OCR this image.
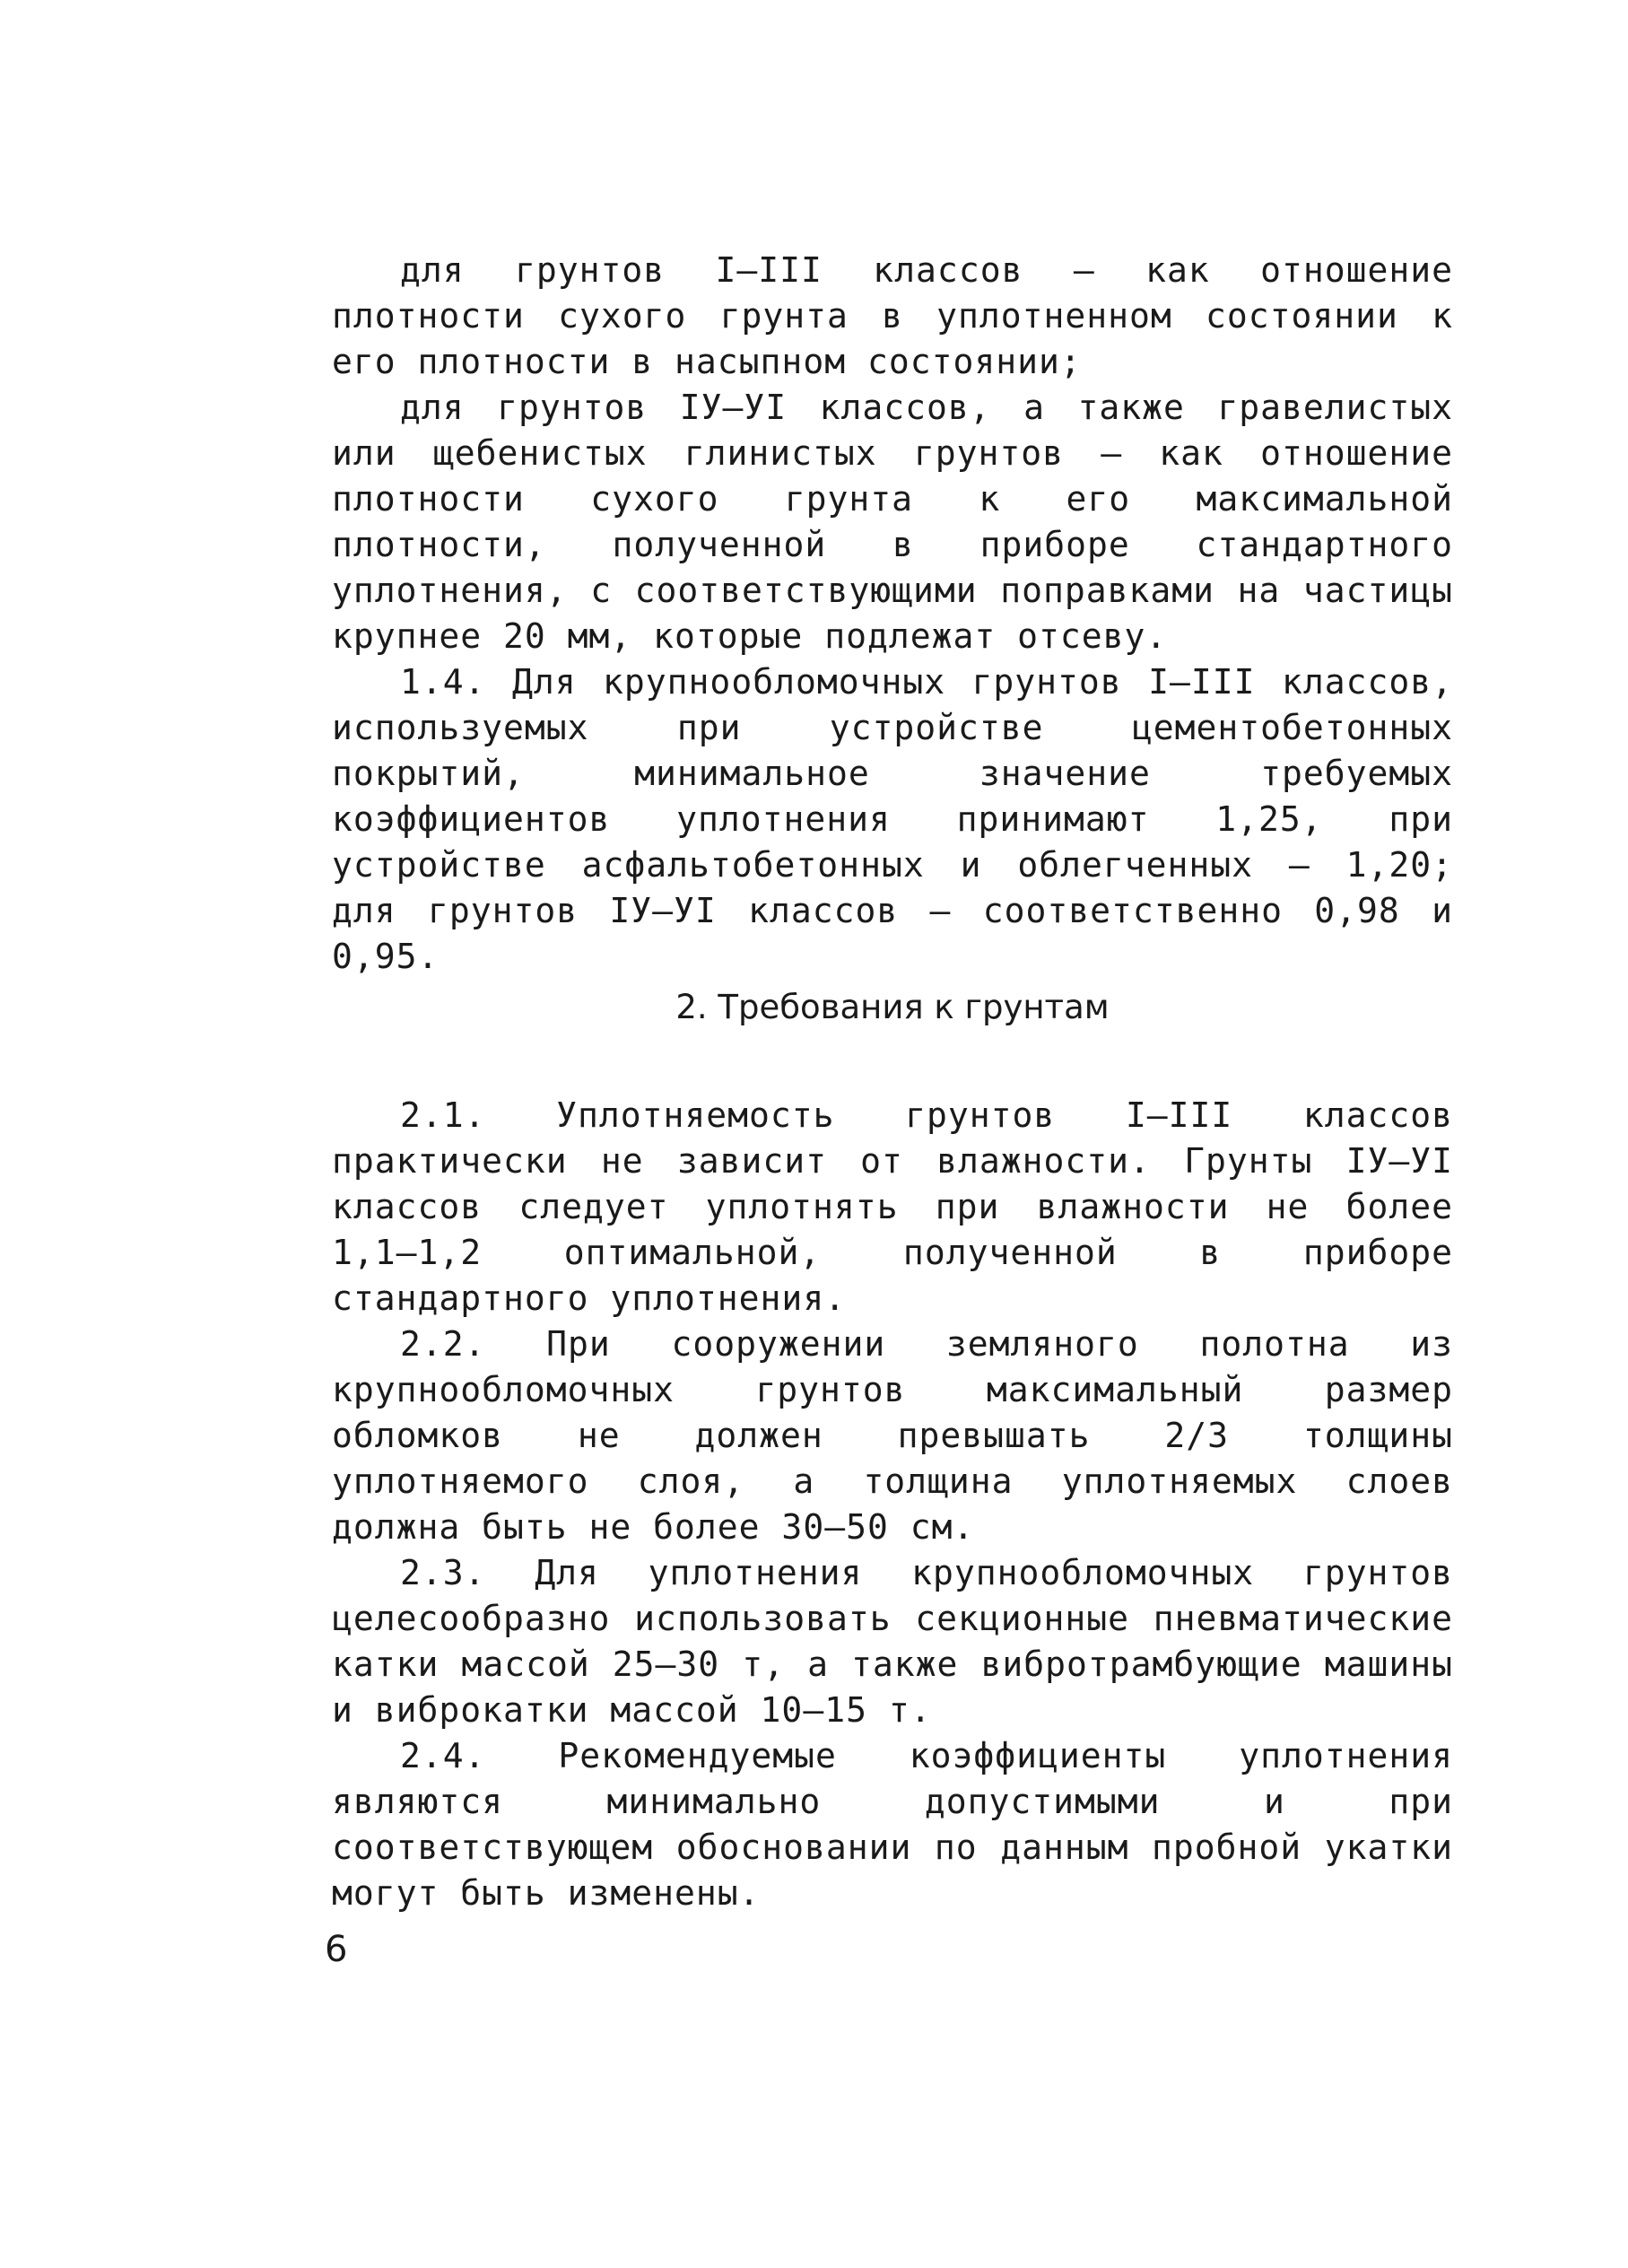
для грунтов I–III классов – как отношение плотности сухого грунта в уплотненном состоянии к его плотности в насыпном состоянии;

для грунтов IУ–УI классов, а также гравелистых или щебенистых глинистых грунтов – как отношение плотности сухого грунта к его максимальной плотности, полученной в приборе стандартного уплотнения, с соответствующими поправками на частицы крупнее 20 мм, которые подлежат отсеву.

1.4. Для крупнообломочных грунтов I–III классов, используемых при устройстве цементобетонных покрытий, минимальное значение требуемых коэффициентов уплотнения принимают 1,25, при устройстве асфальтобетонных и облегченных – 1,20; для грунтов IУ–УI классов – соответственно 0,98 и 0,95.

2. Требования к грунтам

2.1. Уплотняемость грунтов I–III классов практически не зависит от влажности. Грунты IУ–УI классов следует уплотнять при влажности не более 1,1–1,2 оптимальной, полученной в приборе стандартного уплотнения.

2.2. При сооружении земляного полотна из крупнообломочных грунтов максимальный размер обломков не должен превышать 2/3 толщины уплотняемого слоя, а толщина уплотняемых слоев должна быть не более 30–50 см.

2.3. Для уплотнения крупнообломочных грунтов целесообразно использовать секционные пневматические катки массой 25–30 т, а также вибротрамбующие машины и виброкатки массой 10–15 т.

2.4. Рекомендуемые коэффициенты уплотнения являются минимально допустимыми и при соответствующем обосновании по данным пробной укатки могут быть изменены.

6
